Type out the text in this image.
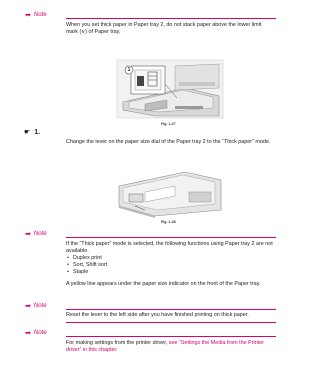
➡ Note
When you set thick paper in Paper tray 2, do not stack paper above the lower limit mark (∨) of Paper tray.
1
Fig. 1-27
☛ 1.
Change the lever on the paper size dial of the Paper tray 2 to the “Thick paper” mode.
Fig. 1-28
➡ Note

If the “Thick paper” mode is selected, the following functions using Paper tray 2 are not available.

• Duplex print
• Sort, Shift sort
• Staple

A yellow line appears under the paper size indicator on the front of the Paper tray.

➡ Note
Reset the lever to the left side after you have finished printing on thick paper.
➡ Note
For making settings from the printer driver, see “Settings the Media from the Printer driver” in this chapter.
